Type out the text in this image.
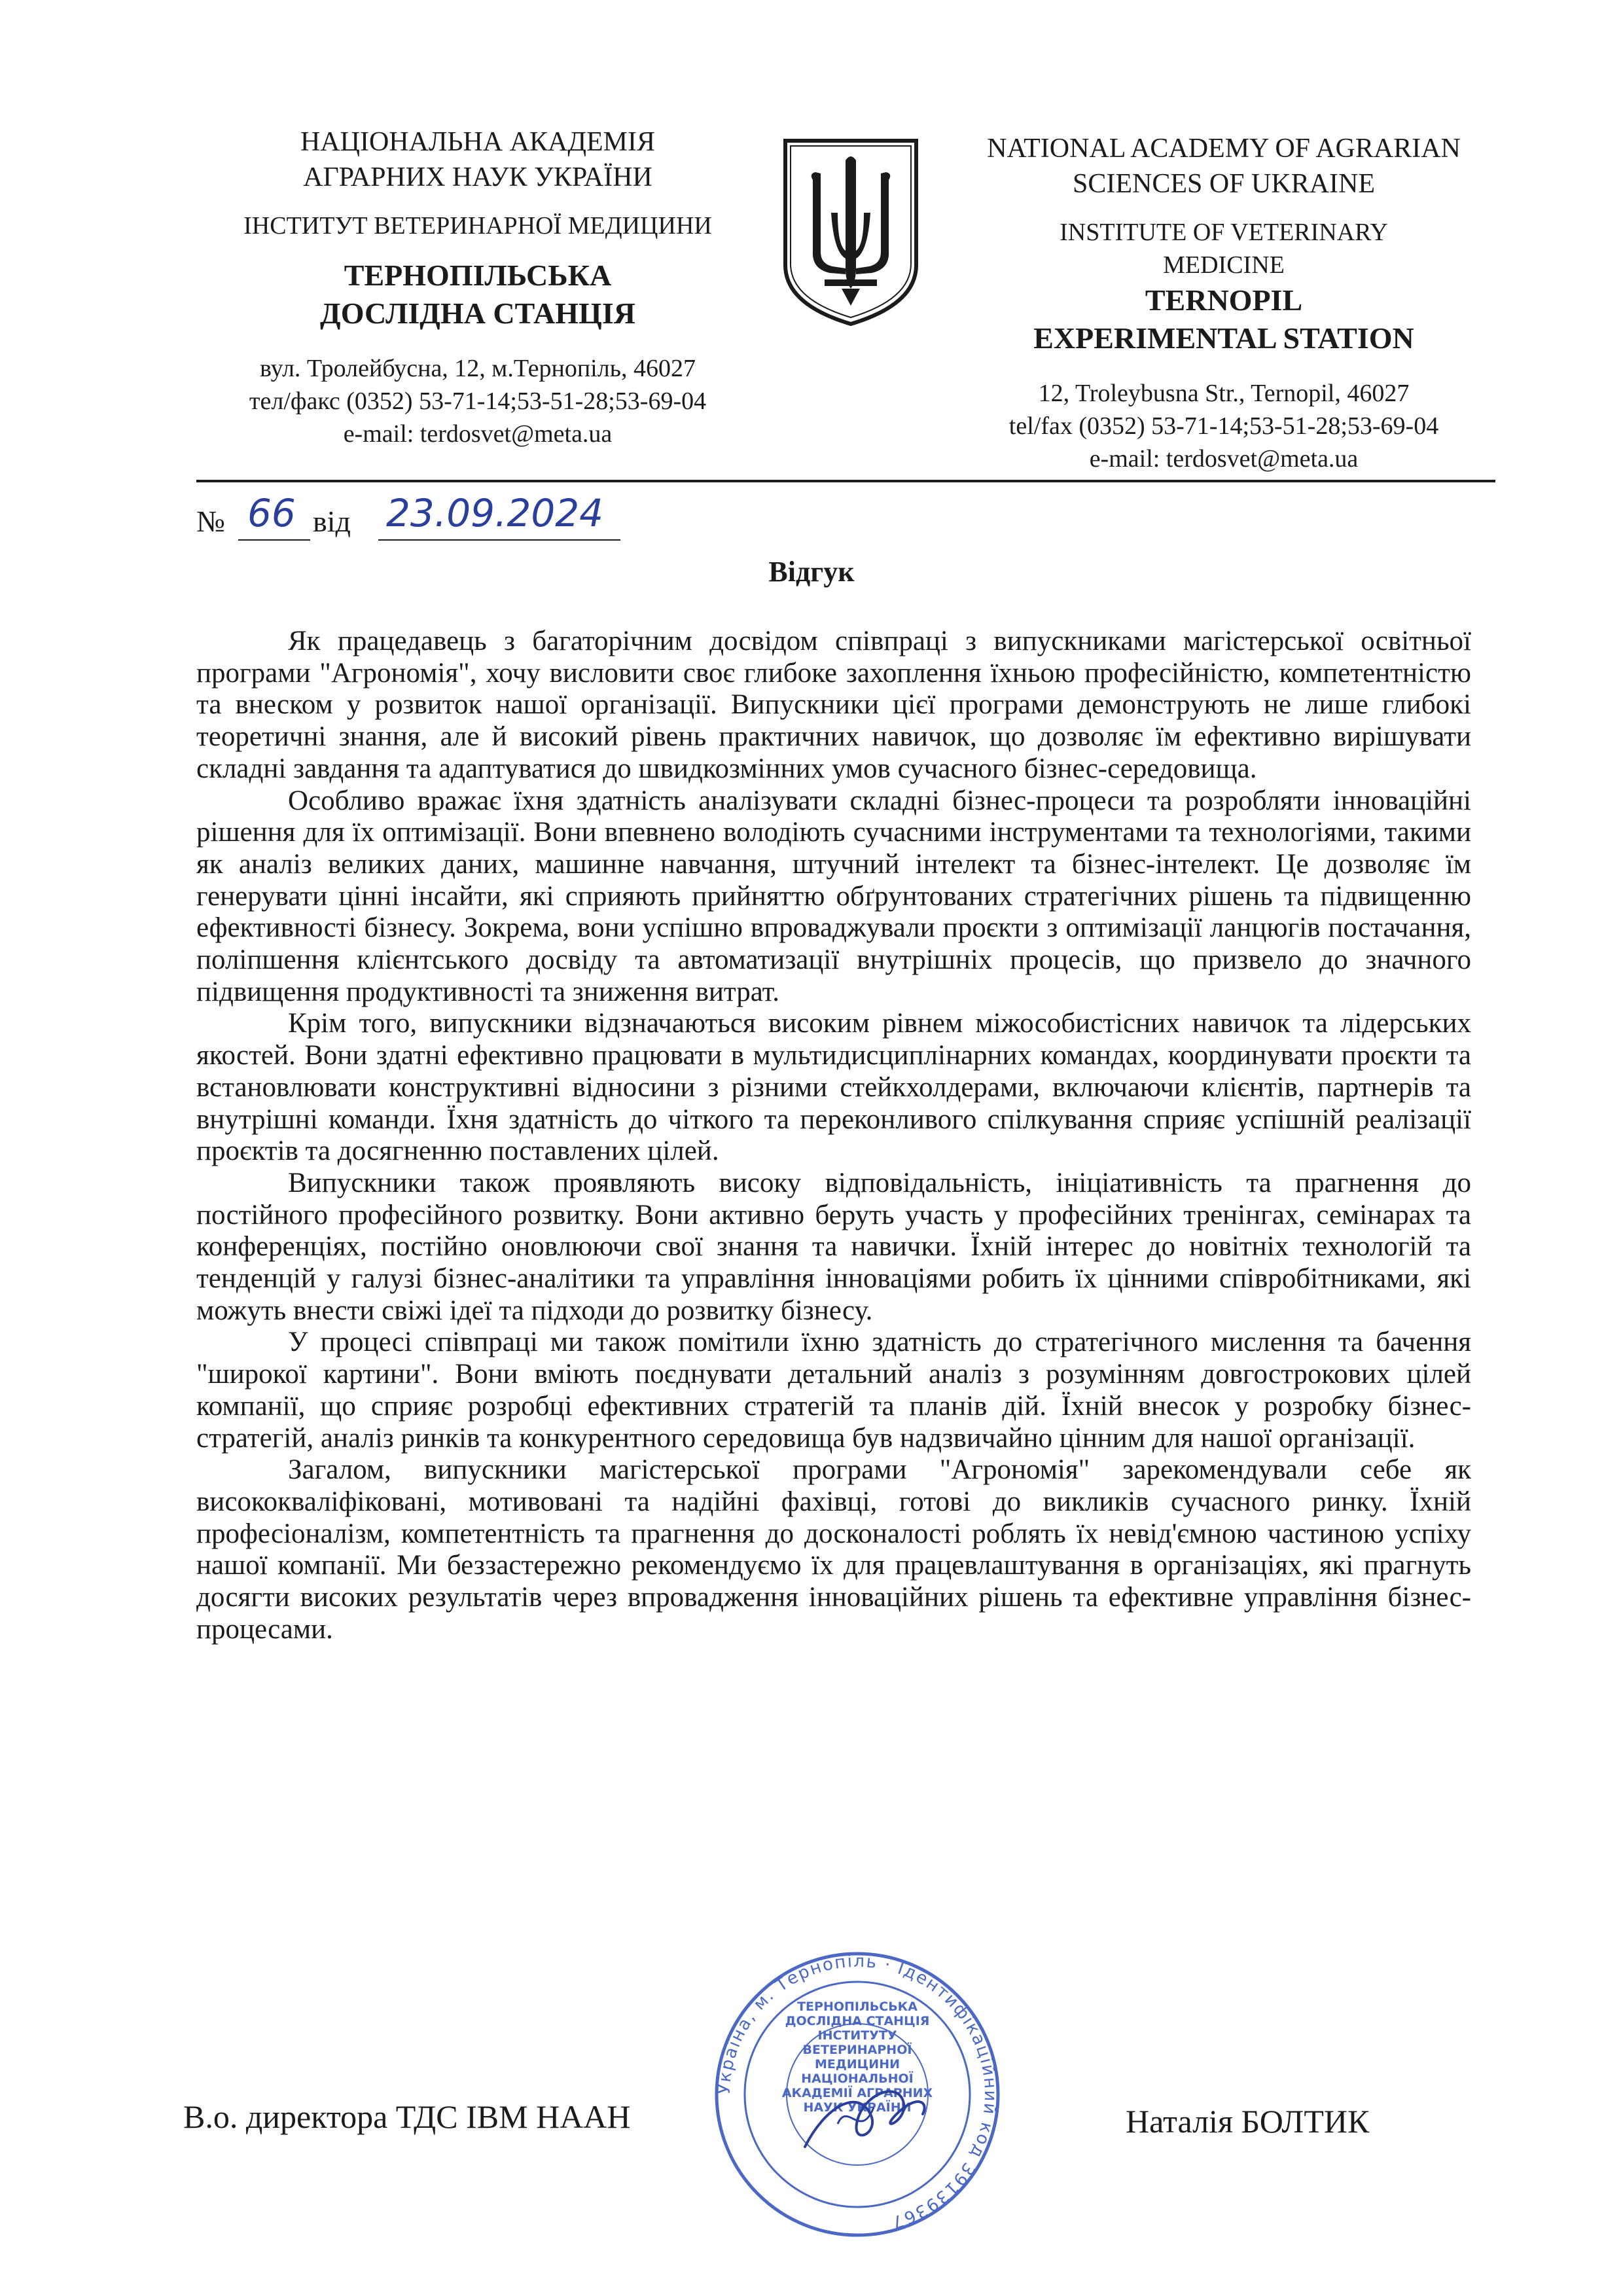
НАЦІОНАЛЬНА АКАДЕМІЯ
АГРАРНИХ НАУК УКРАЇНИ
ІНСТИТУТ ВЕТЕРИНАРНОЇ МЕДИЦИНИ
ТЕРНОПІЛЬСЬКА
ДОСЛІДНА СТАНЦІЯ
вул. Тролейбусна, 12, м.Тернопіль, 46027
тел/факс (0352) 53-71-14;53-51-28;53-69-04
e-mail: terdosvet@meta.ua
NATIONAL ACADEMY OF AGRARIAN
SCIENCES OF UKRAINE
INSTITUTE OF VETERINARY
MEDICINE
TERNOPIL
EXPERIMENTAL STATION
12, Troleybusna Str., Ternopil, 46027
tel/fax (0352) 53-71-14;53-51-28;53-69-04
e-mail: terdosvet@meta.ua
№ 66 від 23.09.2024
Відгук

Як працедавець з багаторічним досвідом співпраці з випускниками магістерської освітньої програми "Агрономія", хочу висловити своє глибоке захоплення їхньою професійністю, компетентністю та внеском у розвиток нашої організації. Випускники цієї програми демонструють не лише глибокі теоретичні знання, але й високий рівень практичних навичок, що дозволяє їм ефективно вирішувати складні завдання та адаптуватися до швидкозмінних умов сучасного бізнес-середовища.

Особливо вражає їхня здатність аналізувати складні бізнес-процеси та розробляти інноваційні рішення для їх оптимізації. Вони впевнено володіють сучасними інструментами та технологіями, такими як аналіз великих даних, машинне навчання, штучний інтелект та бізнес-інтелект. Це дозволяє їм генерувати цінні інсайти, які сприяють прийняттю обґрунтованих стратегічних рішень та підвищенню ефективності бізнесу. Зокрема, вони успішно впроваджували проєкти з оптимізації ланцюгів постачання, поліпшення клієнтського досвіду та автоматизації внутрішніх процесів, що призвело до значного підвищення продуктивності та зниження витрат.

Крім того, випускники відзначаються високим рівнем міжособистісних навичок та лідерських якостей. Вони здатні ефективно працювати в мультидисциплінарних командах, координувати проєкти та встановлювати конструктивні відносини з різними стейкхолдерами, включаючи клієнтів, партнерів та внутрішні команди. Їхня здатність до чіткого та переконливого спілкування сприяє успішній реалізації проєктів та досягненню поставлених цілей.

Випускники також проявляють високу відповідальність, ініціативність та прагнення до постійного професійного розвитку. Вони активно беруть участь у професійних тренінгах, семінарах та конференціях, постійно оновлюючи свої знання та навички. Їхній інтерес до новітніх технологій та тенденцій у галузі бізнес-аналітики та управління інноваціями робить їх цінними співробітниками, які можуть внести свіжі ідеї та підходи до розвитку бізнесу.

У процесі співпраці ми також помітили їхню здатність до стратегічного мислення та бачення "широкої картини". Вони вміють поєднувати детальний аналіз з розумінням довгострокових цілей компанії, що сприяє розробці ефективних стратегій та планів дій. Їхній внесок у розробку бізнес-стратегій, аналіз ринків та конкурентного середовища був надзвичайно цінним для нашої організації.

Загалом, випускники магістерської програми "Агрономія" зарекомендували себе як висококваліфіковані, мотивовані та надійні фахівці, готові до викликів сучасного ринку. Їхній професіоналізм, компетентність та прагнення до досконалості роблять їх невід'ємною частиною успіху нашої компанії. Ми беззастережно рекомендуємо їх для працевлаштування в організаціях, які прагнуть досягти високих результатів через впровадження інноваційних рішень та ефективне управління бізнес-процесами.

Україна, м. Тернопіль · Ідентифікаційний код 39139367
ТЕРНОПІЛЬСЬКА
ДОСЛІДНА СТАНЦІЯ
ІНСТИТУТУ
ВЕТЕРИНАРНОЇ
МЕДИЦИНИ
НАЦІОНАЛЬНОЇ
АКАДЕМІЇ АГРАРНИХ
НАУК УКРАЇНИ
В.о. директора ТДС ІВМ НААН	Наталія БОЛТИК
